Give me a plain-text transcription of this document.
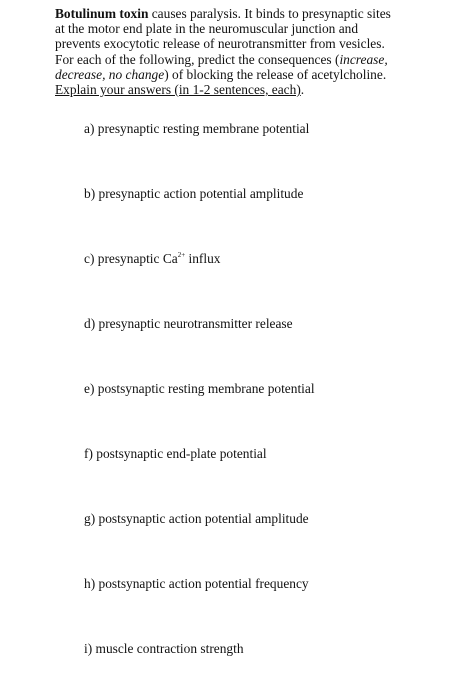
Botulinum toxin causes paralysis. It binds to presynaptic sites
at the motor end plate in the neuromuscular junction and
prevents exocytotic release of neurotransmitter from vesicles.
For each of the following, predict the consequences (increase,
decrease, no change) of blocking the release of acetylcholine.
Explain your answers (in 1-2 sentences, each).
a) presynaptic resting membrane potential
b) presynaptic action potential amplitude
c) presynaptic $Ca^{2+}$ influx
d) presynaptic neurotransmitter release
e) postsynaptic resting membrane potential
f) postsynaptic end-plate potential
g) postsynaptic action potential amplitude
h) postsynaptic action potential frequency
i) muscle contraction strength
